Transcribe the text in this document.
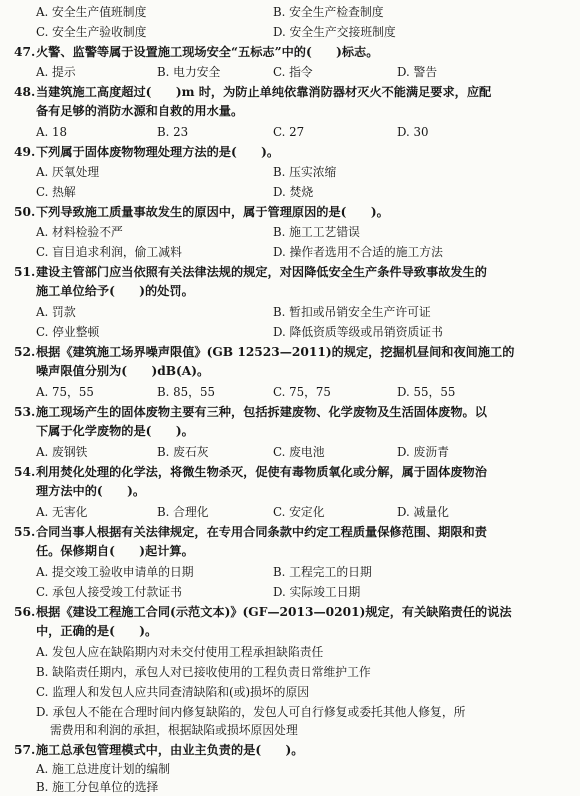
A. 安全生产值班制度	B. 安全生产检查制度
C. 安全生产验收制度	D. 安全生产交接班制度
47.火警、监警等属于设置施工现场安全“五标志”中的(　　)标志。
A. 提示	B. 电力安全	C. 指令	D. 警告
48.当建筑施工高度超过(　　)m 时，为防止单纯依靠消防器材灭火不能满足要求，应配
备有足够的消防水源和自救的用水量。
A. 18	B. 23	C. 27	D. 30
49.下列属于固体废物物理处理方法的是(　　)。
A. 厌氧处理	B. 压实浓缩
C. 热解	D. 焚烧
50.下列导致施工质量事故发生的原因中，属于管理原因的是(　　)。
A. 材料检验不严	B. 施工工艺错误
C. 盲目追求利润，偷工减料	D. 操作者选用不合适的施工方法
51.建设主管部门应当依照有关法律法规的规定，对因降低安全生产条件导致事故发生的
施工单位给予(　　)的处罚。
A. 罚款	B. 暂扣或吊销安全生产许可证
C. 停业整顿	D. 降低资质等级或吊销资质证书
52.根据《建筑施工场界噪声限值》(GB 12523—2011)的规定，挖掘机昼间和夜间施工的
噪声限值分别为(　　)dB(A)。
A. 75，55	B. 85，55	C. 75，75	D. 55，55
53.施工现场产生的固体废物主要有三种，包括拆建废物、化学废物及生活固体废物。以
下属于化学废物的是(　　)。
A. 废钢铁	B. 废石灰	C. 废电池	D. 废沥青
54.利用焚化处理的化学法，将微生物杀灭，促使有毒物质氧化或分解，属于固体废物治
理方法中的(　　)。
A. 无害化	B. 合理化	C. 安定化	D. 减量化
55.合同当事人根据有关法律规定，在专用合同条款中约定工程质量保修范围、期限和责
任。保修期自(　　)起计算。
A. 提交竣工验收申请单的日期	B. 工程完工的日期
C. 承包人接受竣工付款证书	D. 实际竣工日期
56.根据《建设工程施工合同(示范文本)》(GF—2013—0201)规定，有关缺陷责任的说法
中，正确的是(　　)。
A. 发包人应在缺陷期内对未交付使用工程承担缺陷责任
B. 缺陷责任期内，承包人对已接收使用的工程负责日常维护工作
C. 监理人和发包人应共同查清缺陷和(或)损坏的原因
D. 承包人不能在合理时间内修复缺陷的，发包人可自行修复或委托其他人修复，所
需费用和利润的承担，根据缺陷或损坏原因处理
57.施工总承包管理模式中，由业主负责的是(　　)。
A. 施工总进度计划的编制
B. 施工分包单位的选择
